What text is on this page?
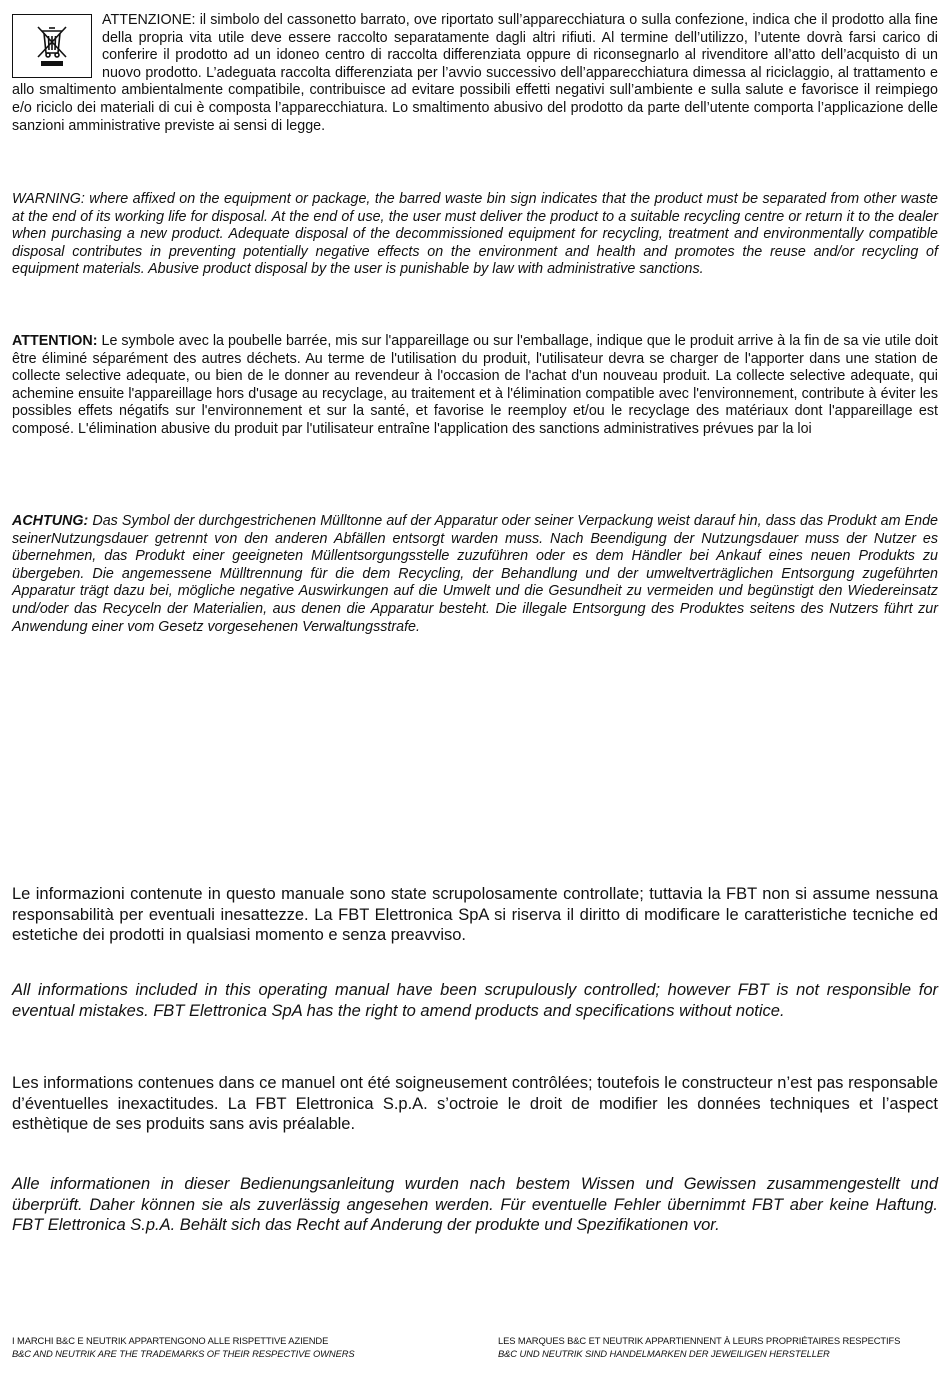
ATTENZIONE: il simbolo del cassonetto barrato, ove riportato sull’apparecchiatura o sulla confezione, indica che il prodotto alla fine della propria vita utile deve essere raccolto separatamente dagli altri rifiuti. Al termine dell’utilizzo, l’utente dovrà farsi carico di conferire il prodotto ad un idoneo centro di raccolta differenziata oppure di riconsegnarlo al rivenditore all’atto dell’acquisto di un nuovo prodotto. L’adeguata raccolta differenziata per l’avvio successivo dell’apparecchiatura dimessa al riciclaggio, al trattamento e allo smaltimento ambientalmente compatibile, contribuisce ad evitare possibili effetti negativi sull’ambiente e sulla salute e favorisce il reimpiego e/o riciclo dei materiali di cui è composta l’apparecchiatura. Lo smaltimento abusivo del prodotto da parte dell’utente comporta l’applicazione delle sanzioni amministrative previste ai sensi di legge.

WARNING: where affixed on the equipment or package, the barred waste bin sign indicates that the product must be separated from other waste at the end of its working life for disposal. At the end of use, the user must deliver the product to a suitable recycling centre or return it to the dealer when purchasing a new product. Adequate disposal of the decommissioned equipment for recycling, treatment and environmentally compatible disposal contributes in preventing potentially negative effects on the environment and health and promotes the reuse and/or recycling of equipment materials. Abusive product disposal by the user is punishable by law with administrative sanctions.

ATTENTION: Le symbole avec la poubelle barrée, mis sur l'appareillage ou sur l'emballage, indique que le produit arrive à la fin de sa vie utile doit être éliminé séparément des autres déchets. Au terme de l'utilisation du produit, l'utilisateur devra se charger de l'apporter dans une station de collecte selective adequate, ou bien de le donner au revendeur à l'occasion de l'achat d'un nouveau produit. La collecte selective adequate, qui achemine ensuite l'appareillage hors d'usage au recyclage, au traitement et à l'élimination compatible avec l'environnement, contribute à éviter les possibles effets négatifs sur l'environnement et sur la santé, et favorise le reemploy et/ou le recyclage des matériaux dont l'appareillage est composé. L'élimination abusive du produit par l'utilisateur entraîne l'application des sanctions administratives prévues par la loi

ACHTUNG: Das Symbol der durchgestrichenen Mülltonne auf der Apparatur oder seiner Verpackung weist darauf hin, dass das Produkt am Ende seinerNutzungsdauer getrennt von den anderen Abfällen entsorgt warden muss. Nach Beendigung der Nutzungsdauer muss der Nutzer es übernehmen, das Produkt einer geeigneten Müllentsorgungsstelle zuzuführen oder es dem Händler bei Ankauf eines neuen Produkts zu übergeben. Die angemessene Mülltrennung für die dem Recycling, der Behandlung und der umweltverträglichen Entsorgung zugeführten Apparatur trägt dazu bei, mögliche negative Auswirkungen auf die Umwelt und die Gesundheit zu vermeiden und begünstigt den Wiedereinsatz und/oder das Recyceln der Materialien, aus denen die Apparatur besteht. Die illegale Entsorgung des Produktes seitens des Nutzers führt zur Anwendung einer vom Gesetz vorgesehenen Verwaltungsstrafe.

Le informazioni contenute in questo manuale sono state scrupolosamente controllate; tuttavia la FBT non si assume nessuna responsabilità per eventuali inesattezze. La FBT Elettronica SpA si riserva il diritto di modificare le caratteristiche tecniche ed estetiche dei prodotti in qualsiasi momento e senza preavviso.

All informations included in this operating manual have been scrupulously controlled; however FBT is not responsible for eventual mistakes. FBT Elettronica SpA has the right to amend products and specifications without notice.

Les informations contenues dans ce manuel ont été soigneusement contrôlées; toutefois le constructeur n’est pas responsable d’éventuelles inexactitudes. La FBT Elettronica S.p.A. s’octroie le droit de modifier les données techniques et l’aspect esthètique de ses produits sans avis préalable.

Alle informationen in dieser Bedienungsanleitung wurden nach bestem Wissen und Gewissen zusammengestellt und überprüft. Daher können sie als zuverlässig angesehen werden. Für eventuelle Fehler übernimmt FBT aber keine Haftung. FBT Elettronica S.p.A. Behält sich das Recht auf Anderung der produkte und Spezifikationen vor.

I MARCHI B&C E NEUTRIK APPARTENGONO ALLE RISPETTIVE AZIENDE
B&C AND NEUTRIK ARE THE TRADEMARKS OF THEIR RESPECTIVE OWNERS
LES MARQUES B&C ET NEUTRIK APPARTIENNENT À LEURS PROPRIÉTAIRES RESPECTIFS
B&C UND NEUTRIK SIND HANDELMARKEN DER JEWEILIGEN HERSTELLER
